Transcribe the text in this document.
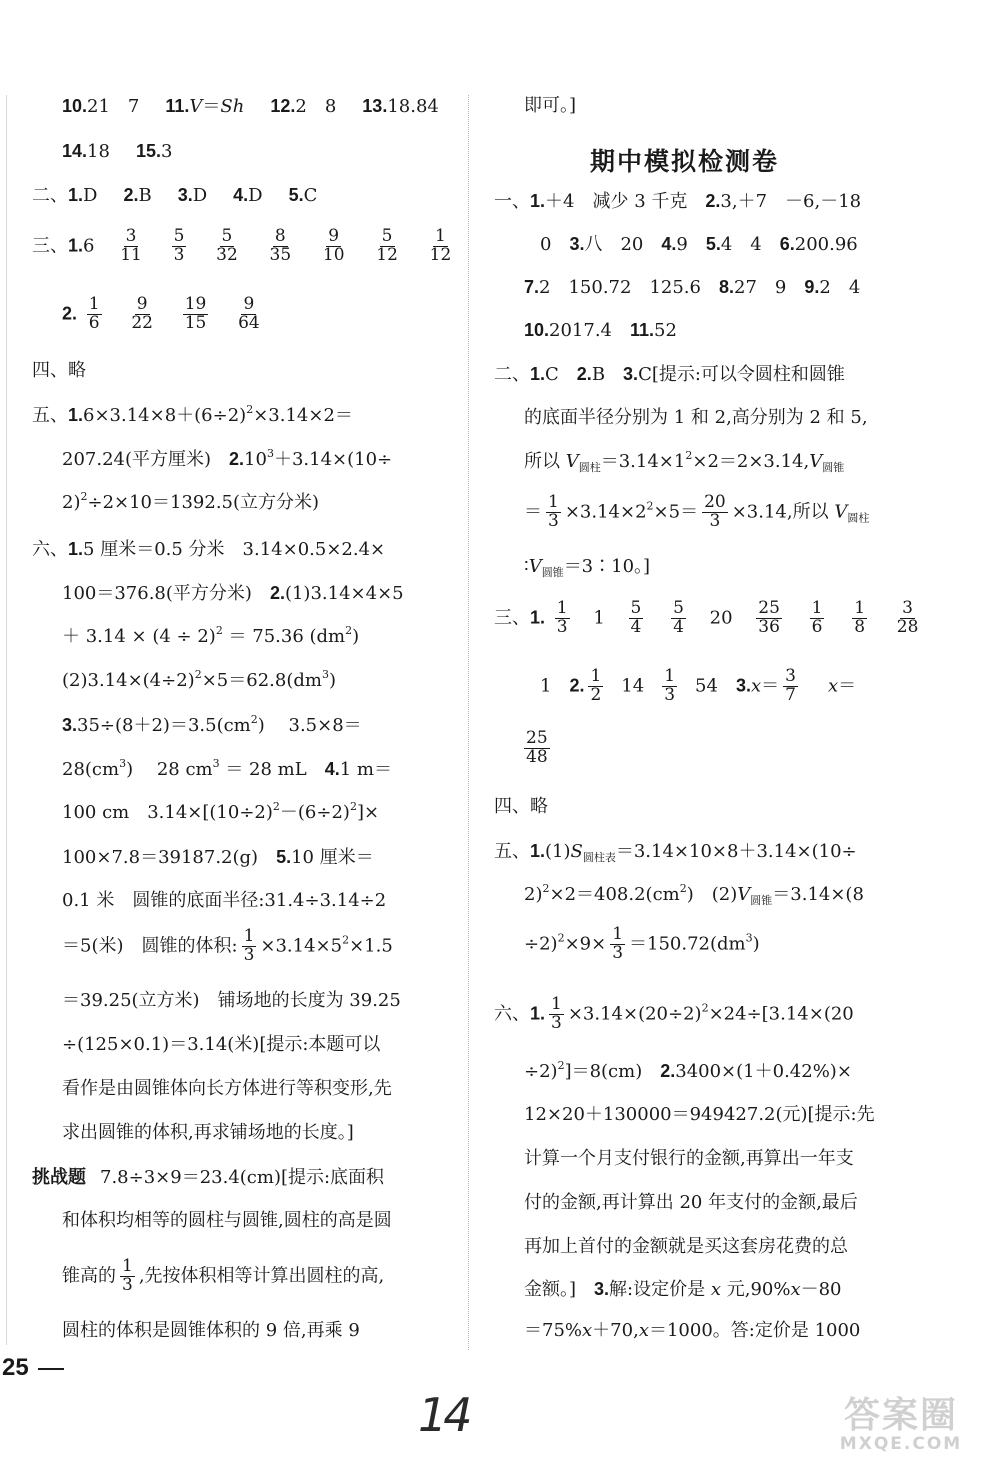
10.21　7 11.V＝Sh 12.2　8 13.18.84
14.18 15.3
二、1.D 2.B 3.D 4.D 5.C
三、$1.6 \frac{3}{11}$
$\frac{5}{3}$
$\frac{5}{32}$
$\frac{8}{35}$
$\frac{9}{10}$
$\frac{5}{12}$
$\frac{1}{12}$
2. $\frac{1}{6}$
$\frac{9}{22}$
$\frac{19}{15}$
$\frac{9}{64}$
四、略
五、$1.6\times 3.14\times 8+(6\div 2)^2\times 3.14\times 2=$
207.24(平方厘米)　$2.10^3+3.14\times(10\div$
2)$^2$÷2×10＝1392.5(立方分米)
六、1.5 厘米＝0.5 分米　3.14×0.5×2.4×
100＝376.8(平方分米)　2.(1)3.14×4×5
＋ $3.14 \times (4 \div 2)^2 = 75.36$ $(dm^2)$
$(2)3.14\times(4\div 2)^2\times 5=62.8(dm^3)$
$3.35\div(8+2)=3.5(cm^2)$　 3.5×8＝
$28(cm^3)$　 28 $cm^3 = 28$ mL　4.1 m＝
100 cm　$3.14\times[(10\div 2)^2-(6\div 2)^2]\times$
100×7.8＝39187.2(g)　5.10 厘米＝
0.1 米　圆锥的底面半径:31.4÷3.14÷2
＝5(米)　圆锥的体积: $\frac{1}{3} \times 3.14\times 5^2\times 1.5$
＝39.25(立方米)　铺场地的长度为 39.25
÷(125×0.1)＝3.14(米)[提示:本题可以
看作是由圆锥体向长方体进行等积变形,先
求出圆锥的体积,再求铺场地的长度。]
挑战题 7.8÷3×9＝23.4(cm)[提示:底面积
和体积均相等的圆柱与圆锥,圆柱的高是圆
锥高的 $\frac{1}{3}$ ,先按体积相等计算出圆柱的高,
圆柱的体积是圆锥体积的 9 倍,再乘 9
即可。]
期中模拟检测卷
一、1.＋4　减少 3 千克　2.3,＋7　－6,－18
0　3.八　20　4.9　5.4　4　6.200.96
7.2　150.72　125.6　8.27　9　9.2　4
10.2017.4　11.52
二、1.C　2.B　3.C[提示:可以令圆柱和圆锥
的底面半径分别为 1 和 2,高分别为 2 和 5,
所以 $V_{圆柱}=3.14\times 1^2\times 2=2\times 3.14,V_{圆锥}$
＝ $\frac{1}{3} \times 3.14\times 2^2\times 5= \frac{20}{3} \times 3.14$,所以 $V_{圆柱}$
$∶V_{圆锥}=3∶10$。]
三、1. $\frac{1}{3} 1 \frac{5}{4}$
$\frac{5}{4} 20 \frac{25}{36}$
$\frac{1}{6}$
$\frac{1}{8}$
$\frac{3}{28}$
1　2. $\frac{1}{2} 14 \frac{1}{3} 54$　$3.x= \frac{3}{7} x=$
$\frac{25}{48}$
四、略
五、$1.(1)S_{圆柱表}=3.14\times 10\times 8+3.14\times(10\div$
$2)^2\times 2=408.2(cm^2)$　$(2)V_{圆锥}=3.14\times(8$
$\div 2)^2\times 9\times \frac{1}{3} =150.72(dm^3)$
六、1. $\frac{1}{3} \times 3.14\times(20\div 2)^2\times 24\div[3.14\times(20$
÷2)$^2$]＝8(cm)　2.3400×(1＋0.42%)×
12×20＋130000＝949427.2(元)[提示:先
计算一个月支付银行的金额,再算出一年支
付的金额,再计算出 20 年支付的金额,最后
再加上首付的金额就是买这套房花费的总
金额。]　3.解:设定价是 x 元,90%x－80
＝75%x＋70,x＝1000。答:定价是 1000
25
14	答案圈
MXQE.COM
